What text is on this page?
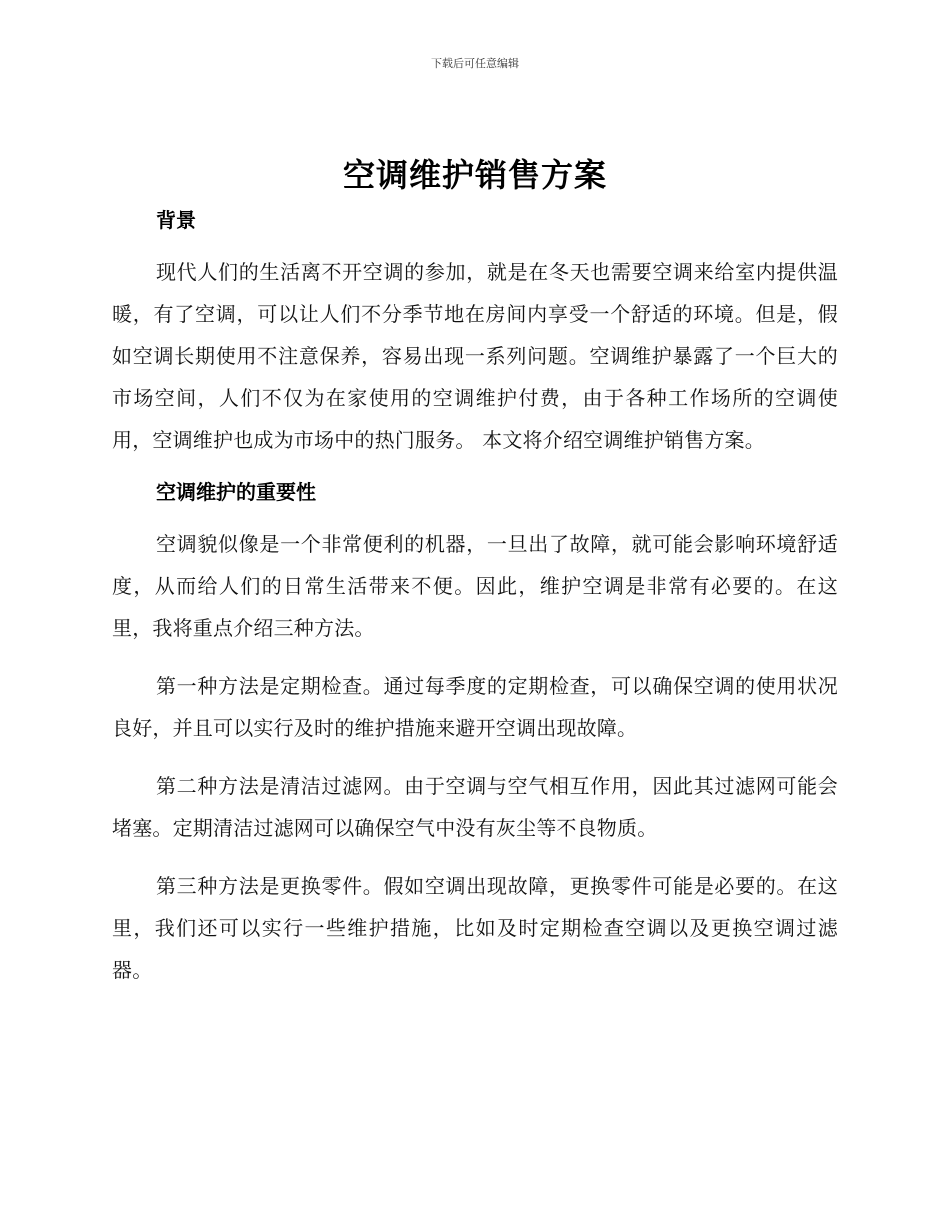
下载后可任意编辑
空调维护销售方案
背景

现代人们的生活离不开空调的参加，就是在冬天也需要空调来给室内提供温暖，有了空调，可以让人们不分季节地在房间内享受一个舒适的环境。但是，假如空调长期使用不注意保养，容易出现一系列问题。空调维护暴露了一个巨大的市场空间，人们不仅为在家使用的空调维护付费，由于各种工作场所的空调使用，空调维护也成为市场中的热门服务。 本文将介绍空调维护销售方案。

空调维护的重要性

空调貌似像是一个非常便利的机器，一旦出了故障，就可能会影响环境舒适度，从而给人们的日常生活带来不便。因此，维护空调是非常有必要的。在这里，我将重点介绍三种方法。

第一种方法是定期检查。通过每季度的定期检查，可以确保空调的使用状况良好，并且可以实行及时的维护措施来避开空调出现故障。

第二种方法是清洁过滤网。由于空调与空气相互作用，因此其过滤网可能会堵塞。定期清洁过滤网可以确保空气中没有灰尘等不良物质。

第三种方法是更换零件。假如空调出现故障，更换零件可能是必要的。在这里，我们还可以实行一些维护措施，比如及时定期检查空调以及更换空调过滤器。
